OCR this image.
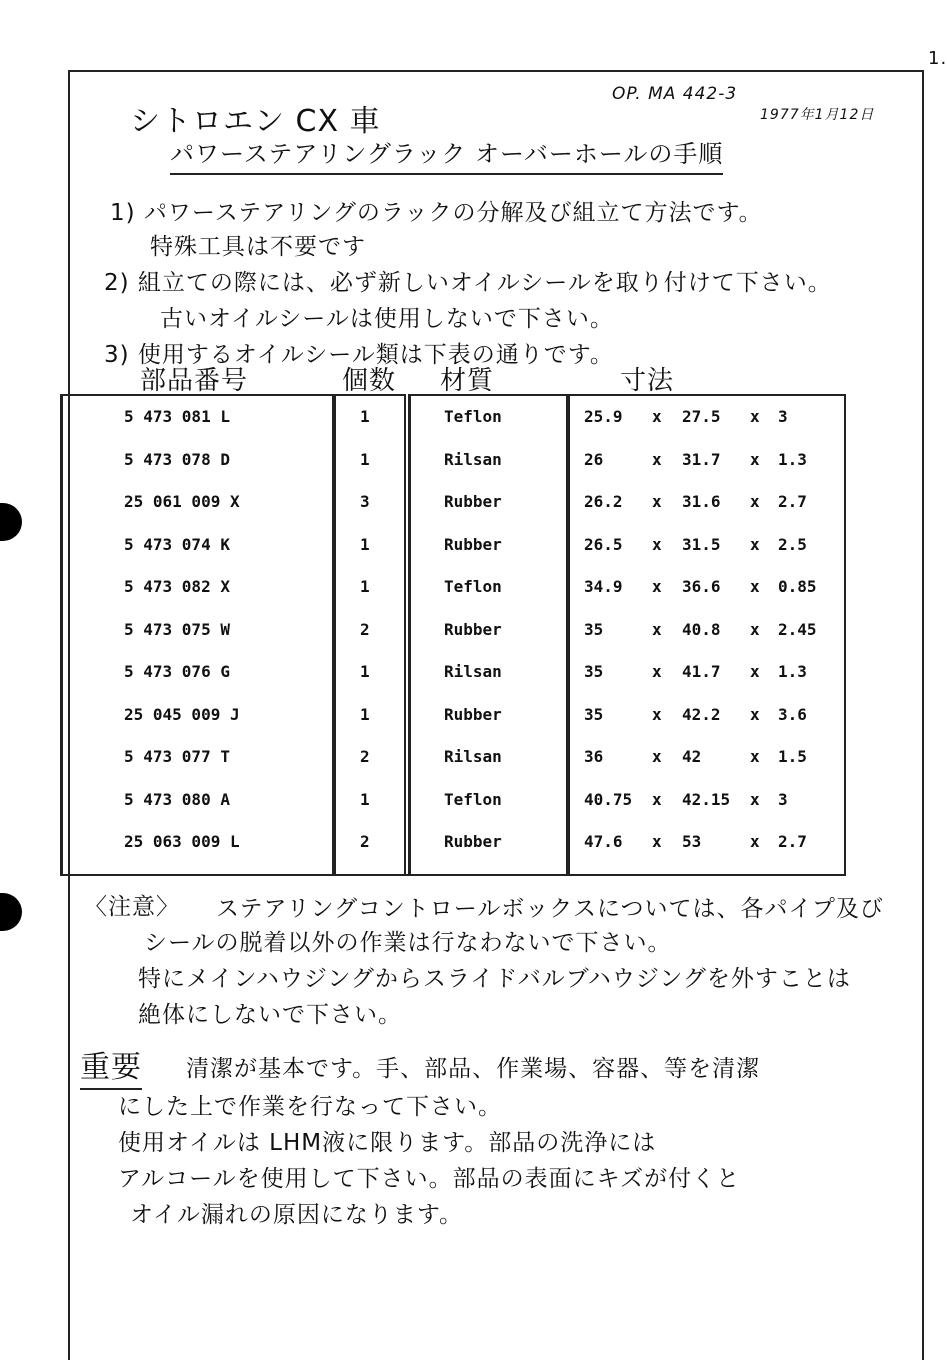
1.
シトロエン CX 車
OP. MA 442-3
1977年1月12日
パワーステアリングラック オーバーホールの手順
1) パワーステアリングのラックの分解及び組立て方法です。
特殊工具は不要です
2) 組立ての際には、必ず新しいオイルシールを取り付けて下さい。
古いオイルシールは使用しないで下さい。
3) 使用するオイルシール類は下表の通りです。
部品番号	個数 材質	寸法
5 473 081 L	1	Teflon	25.9	x 27.5	x 3
5 473 078 D	1	Rilsan	26	x 31.7	x 1.3
25 061 009 X	3	Rubber	26.2	x 31.6	x 2.7
5 473 074 K	1	Rubber	26.5	x 31.5	x 2.5
5 473 082 X	1	Teflon	34.9	x 36.6	x 0.85
5 473 075 W	2	Rubber	35	x 40.8	x 2.45
5 473 076 G	1	Rilsan	35	x 41.7	x 1.3
25 045 009 J	1	Rubber	35	x 42.2	x 3.6
5 473 077 T	2	Rilsan	36	x 42	x 1.5
5 473 080 A	1	Teflon	40.75	x 42.15	x 3
25 063 009 L	2	Rubber	47.6	x 53	x 2.7
〈注意〉 ステアリングコントロールボックスについては、各パイプ及び
シールの脱着以外の作業は行なわないで下さい。
特にメインハウジングからスライドバルブハウジングを外すことは
絶体にしないで下さい。
重要 清潔が基本です。手、部品、作業場、容器、等を清潔
にした上で作業を行なって下さい。
使用オイルは LHM液に限ります。部品の洗浄には
アルコールを使用して下さい。部品の表面にキズが付くと
オイル漏れの原因になります。
